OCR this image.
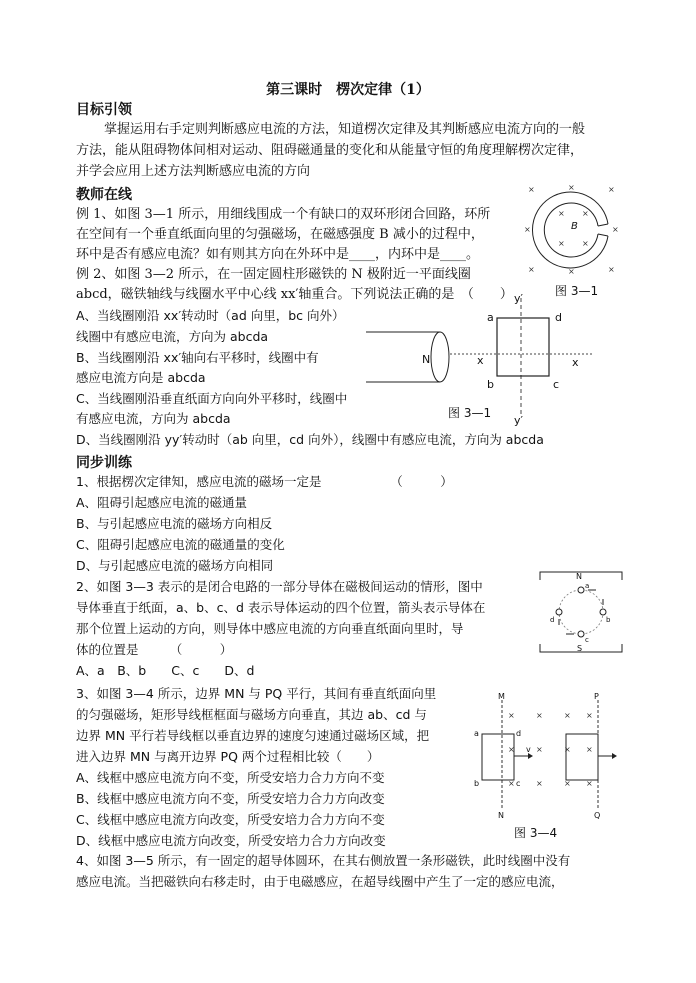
第三课时　楞次定律（1）
目标引领
掌握运用右手定则判断感应电流的方法，知道楞次定律及其判断感应电流方向的一般
方法，能从阻碍物体间相对运动、阻碍磁通量的变化和从能量守恒的角度理解楞次定律，
并学会应用上述方法判断感应电流的方向
教师在线
例 1、如图 3—1 所示，用细线围成一个有缺口的双环形闭合回路，环所
在空间有一个垂直纸面向里的匀强磁场，在磁感强度 B 减小的过程中，
环中是否有感应电流？如有则其方向在外环中是____，内环中是____。
例 2、如图 3—2 所示，在一固定圆柱形磁铁的 N 极附近一平面线圈
abcd，磁铁轴线与线圈水平中心线 xx′轴重合。下列说法正确的是　（　　）
A、当线圈刚沿 xx′转动时（ad 向里，bc 向外）
线圈中有感应电流，方向为 abcda
B、当线圈刚沿 xx′轴向右平移时，线圈中有
感应电流方向是 abcda
C、当线圈刚沿垂直纸面方向向外平移时，线圈中
有感应电流，方向为 abcda
D、当线圈刚沿 yy′转动时（ab 向里，cd 向外），线圈中有感应电流，方向为 abcda
同步训练
1、根据楞次定律知，感应电流的磁场一定是　　　　　　（　　　）
A、阻碍引起感应电流的磁通量
B、与引起感应电流的磁场方向相反
C、阻碍引起感应电流的磁通量的变化
D、与引起感应电流的磁场方向相同
2、如图 3—3 表示的是闭合电路的一部分导体在磁极间运动的情形，图中
导体垂直于纸面，a、b、c、d 表示导体运动的四个位置，箭头表示导体在
那个位置上运动的方向，则导体中感应电流的方向垂直纸面向里时，导
体的位置是　　　（　　　）
A、a　B、b　　C、c　　D、d
3、如图 3—4 所示，边界 MN 与 PQ 平行，其间有垂直纸面向里
的匀强磁场，矩形导线框框面与磁场方向垂直，其边 ab、cd 与
边界 MN 平行若导线框以垂直边界的速度匀速通过磁场区域，把
进入边界 MN 与离开边界 PQ 两个过程相比较（　　）
A、线框中感应电流方向不变，所受安培力合力方向不变
B、线框中感应电流方向不变，所受安培力合力方向改变
C、线框中感应电流方向改变，所受安培力合力方向不变
D、线框中感应电流方向改变，所受安培力合力方向改变
4、如图 3—5 所示，有一固定的超导体圆环，在其右侧放置一条形磁铁，此时线圈中没有
感应电流。当把磁铁向右移走时，由于电磁感应，在超导线圈中产生了一定的感应电流，
×	×	×
×	×
×	×	×
× ×
× ×
B
图 3—1
N
a	d
b	c
x	x
y′
y′
图 3—1
N
S
a
b
c
d
M
N
P
Q
×	×	× ×
×	×	× ×
×	×	× ×
a
b	c
d
v
图 3—4
